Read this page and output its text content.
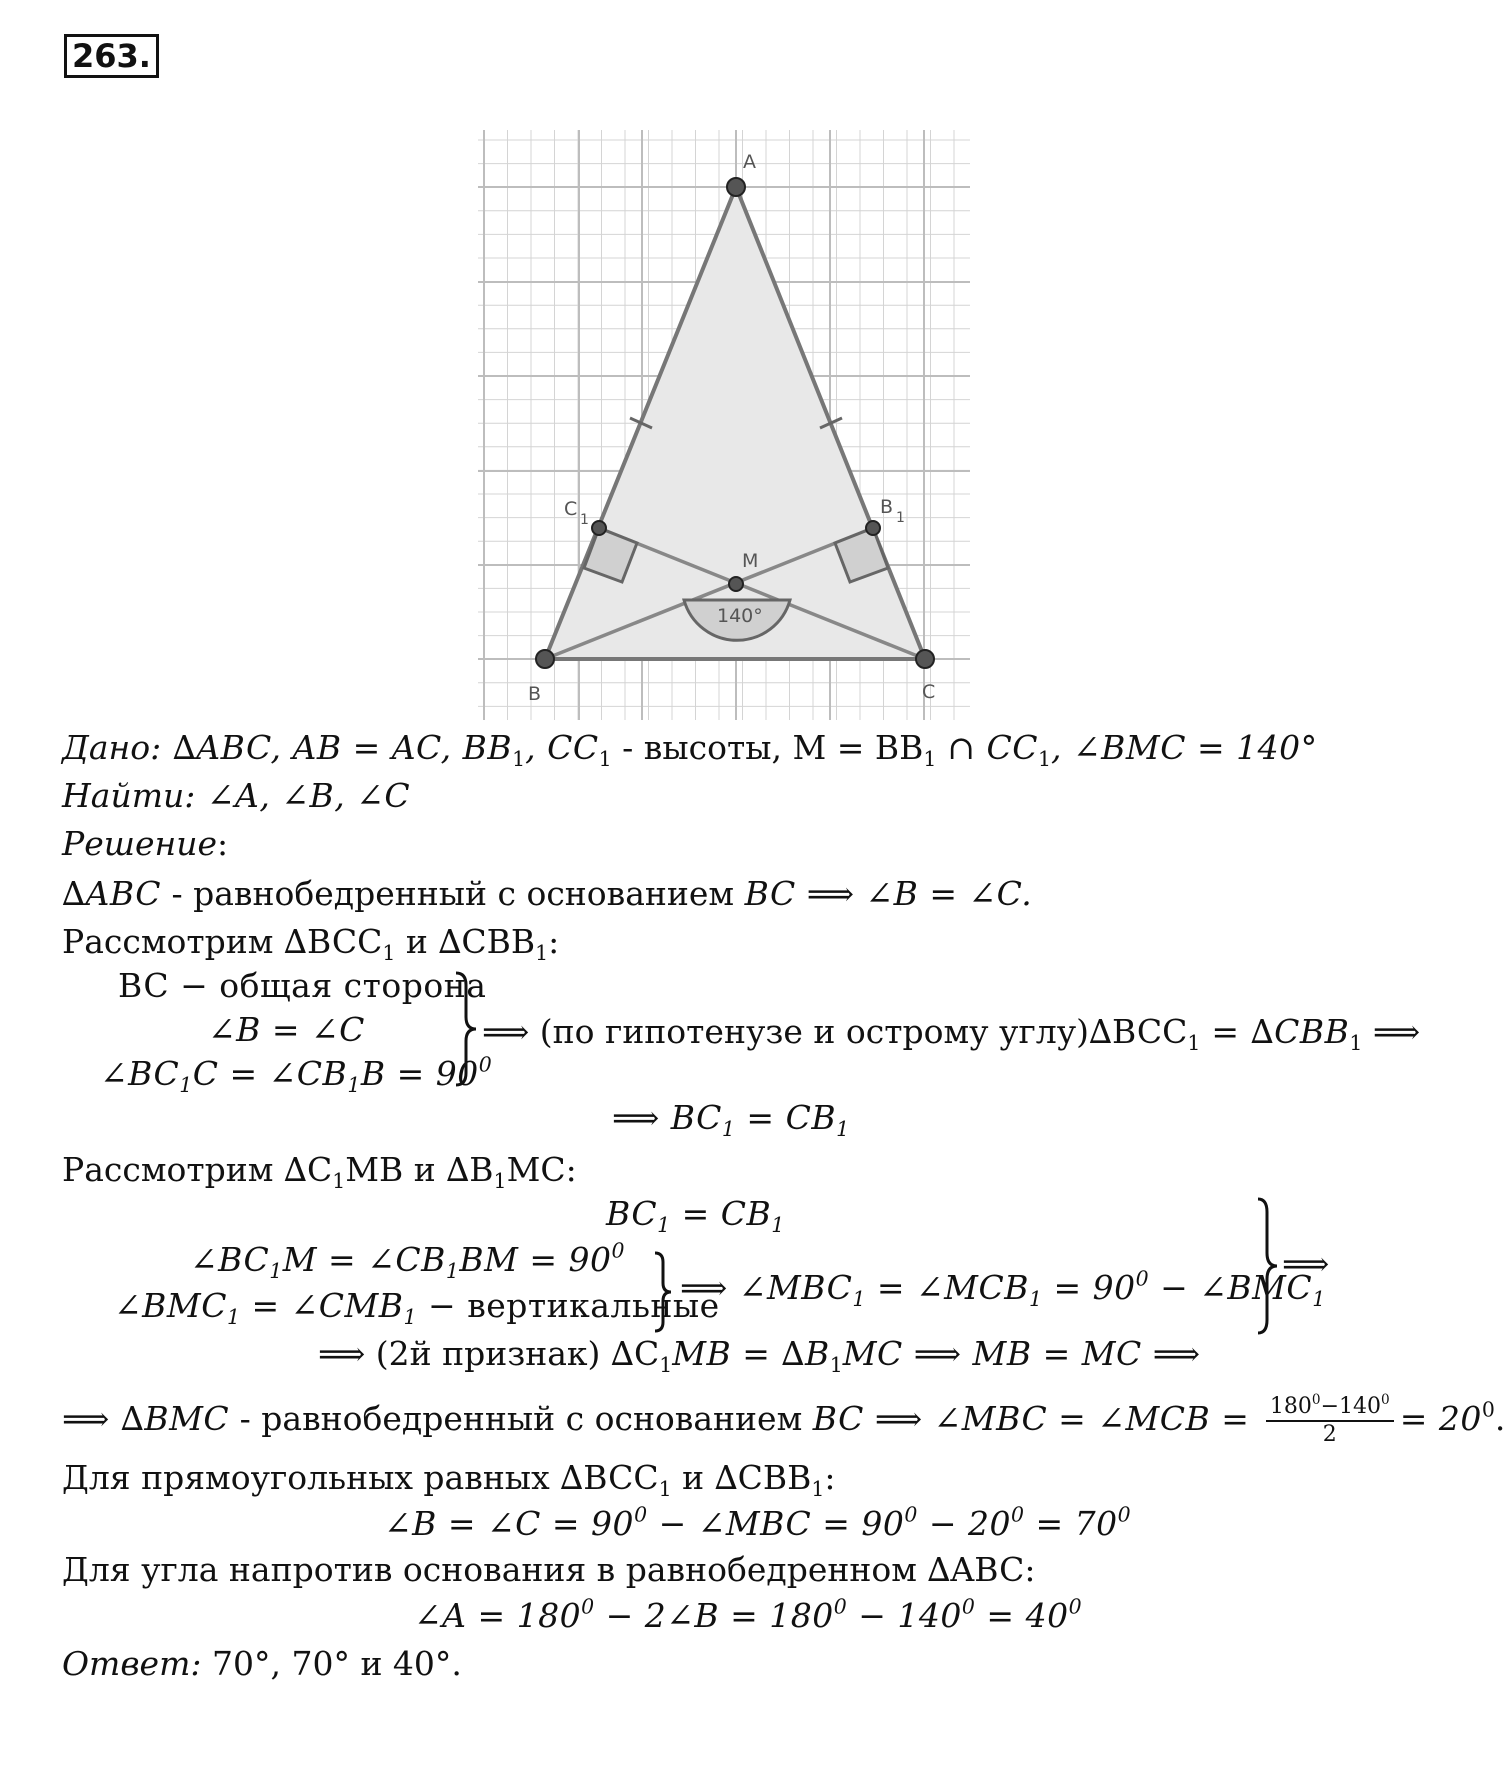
263.
A
B	C
M
C 1
B 1
140°
Дано: ∆ABC, AB = AC, $BB_1$, $CC_1$ - высоты, $M = BB_1$ ∩ $CC_1$, ∠BMC = 140°
Найти: ∠A, ∠B, ∠C
Решение:
∆ABC - равнобедренный с основанием BC ⟹ ∠B = ∠C.
Рассмотрим $\Delta BCC_1$ и $\Delta CBB_1$:
BC − общая сторона
∠B = ∠C
$\angle BC_1C$ = $\angle CB_1B = 90^0$
⟹ (по гипотенузе и острому $углу)\Delta BCC_1 = \Delta CBB_1$ ⟹
⟹ $BC_1 = CB_1$
Рассмотрим $\Delta C_1MB$ и $\Delta B_1MC$:
$BC_1 = CB_1$
$\angle BC_1M$ = $\angle CB_1BM = 90^0$
$\angle BMC_1$ = $\angle CMB_1$ − вертикальные
⟹ $\angle MBC_1$ = $\angle MCB_1 = 90^0$ − $\angle BMC_1$
⟹
⟹ (2й признак) $\Delta C_1MB = \Delta B_1MC$ ⟹ MB = MC ⟹
⟹ ∆BMC - равнобедренный с основанием BC ⟹ ∠MBC = ∠MCB = $\frac{180^0-140^0}{2} = 20^0$.
Для прямоугольных равных $\Delta BCC_1$ и $\Delta CBB_1$:
∠B = ∠C = $90^0$ − ∠MBC = $90^0 - 20^0 = 70^0$
Для угла напротив основания в равнобедренном ∆ABC:
∠A = $180^0$ − 2∠B = $180^0 - 140^0 = 40^0$
Ответ: 70°, 70° и 40°.
